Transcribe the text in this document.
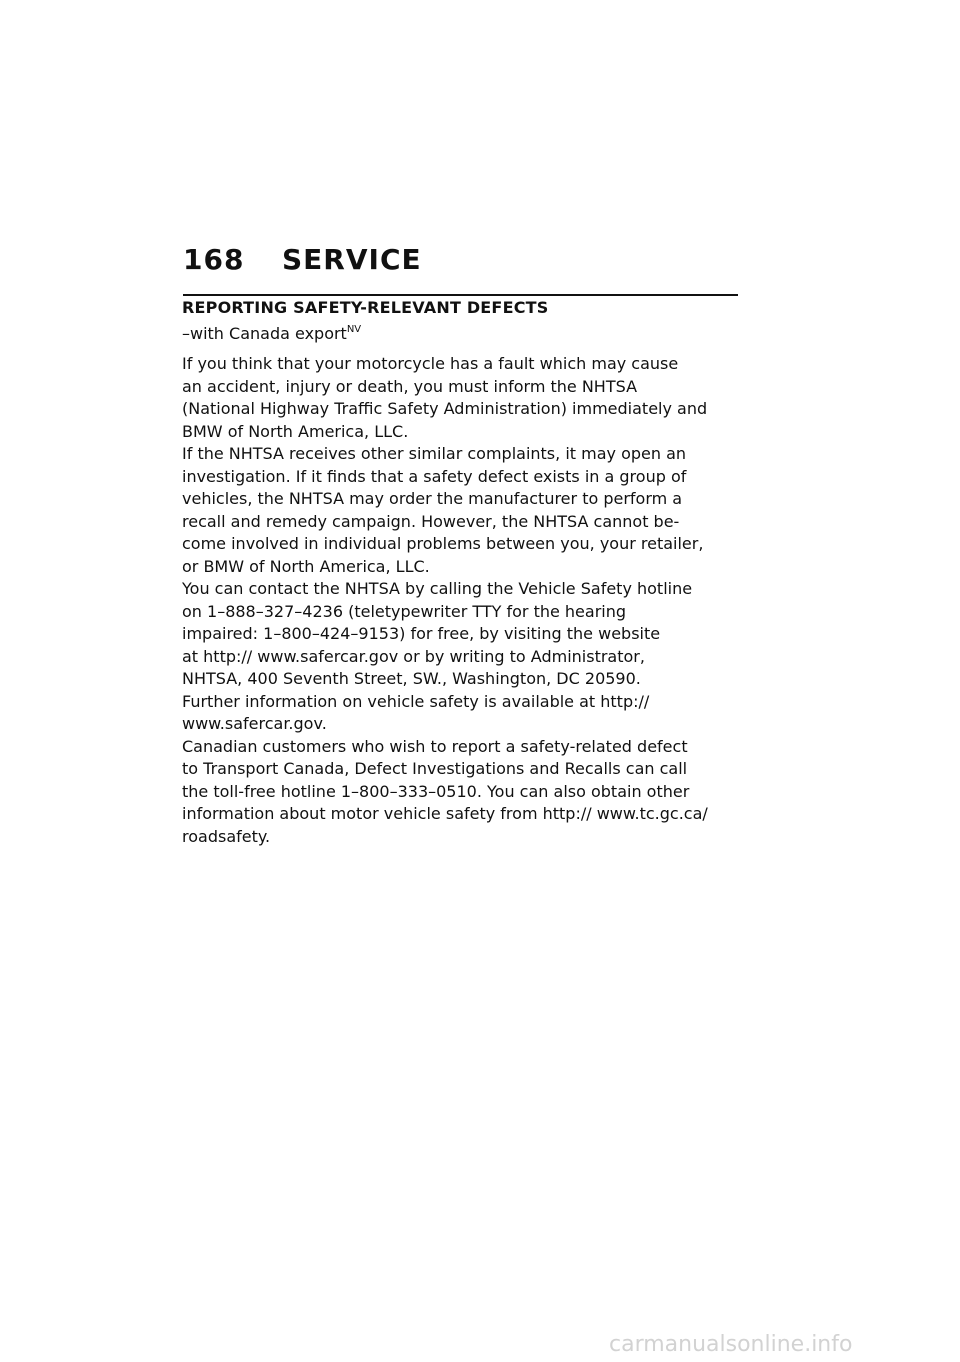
168 SERVICE
REPORTING SAFETY-RELEVANT DEFECTS
–with Canada export$^{NV}$

If you think that your motorcycle has a fault which may cause
an accident, injury or death, you must inform the NHTSA
(National Highway Traffic Safety Administration) immediately and
BMW of North America, LLC.

If the NHTSA receives other similar complaints, it may open an
investigation. If it finds that a safety defect exists in a group of
vehicles, the NHTSA may order the manufacturer to perform a
recall and remedy campaign. However, the NHTSA cannot be-
come involved in individual problems between you, your retailer,
or BMW of North America, LLC.

You can contact the NHTSA by calling the Vehicle Safety hotline
on 1–888–327–4236 (teletypewriter TTY for the hearing
impaired: 1–800–424–9153) for free, by visiting the website
at http:// www.safercar.gov or by writing to Administrator,
NHTSA, 400 Seventh Street, SW., Washington, DC 20590.
Further information on vehicle safety is available at http://
www.safercar.gov.

Canadian customers who wish to report a safety-related defect
to Transport Canada, Defect Investigations and Recalls can call
the toll-free hotline 1–800–333–0510. You can also obtain other
information about motor vehicle safety from http:// www.tc.gc.ca/
roadsafety.

carmanualsonline.info
